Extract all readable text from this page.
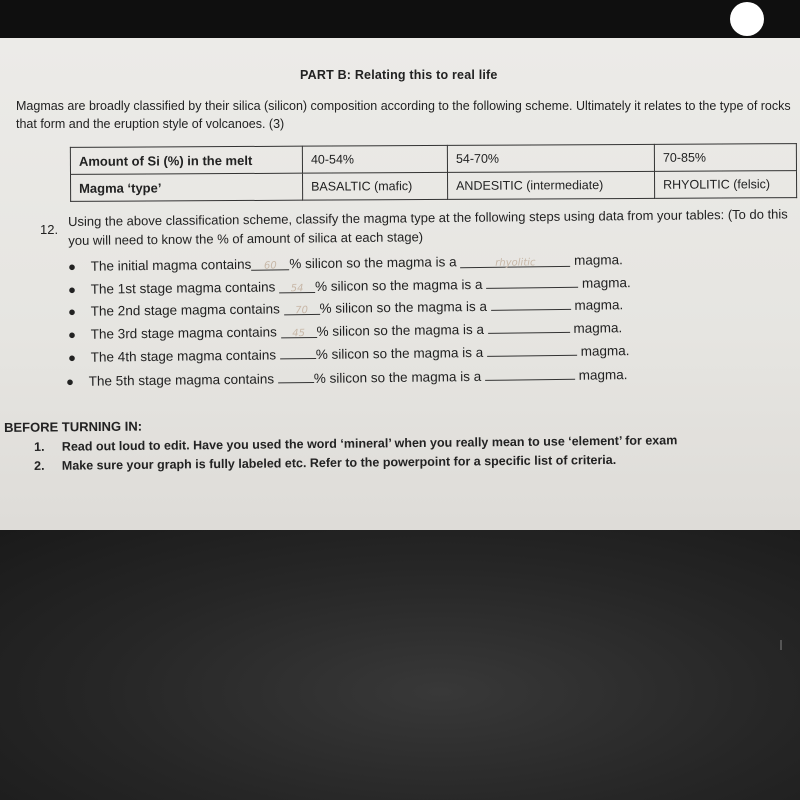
PART B: Relating this to real life
Magmas are broadly classified by their silica (silicon) composition according to the following scheme. Ultimately it relates to the type of rocks that form and the eruption style of volcanoes. (3)
Amount of Si (%) in the melt	40-54%	54-70%	70-85%
Magma ‘type’	BASALTIC (mafic)	ANDESITIC (intermediate)	RHYOLITIC (felsic)
12.
Using the above classification scheme, classify the magma type at the following steps using data from your tables: (To do this you will need to know the % of amount of silica at each stage)
● The initial magma contains 60 % silicon so the magma is a	rhyolitic	magma.
● The 1st stage magma contains 54 % silicon so the magma is a	magma.
● The 2nd stage magma contains 70 % silicon so the magma is a	magma.
● The 3rd stage magma contains 45 % silicon so the magma is a	magma.
● The 4th stage magma contains	% silicon so the magma is a	magma.
● The 5th stage magma contains	% silicon so the magma is a	magma.
BEFORE TURNING IN:
1. Read out loud to edit. Have you used the word ‘mineral’ when you really mean to use ‘element’ for exam
2. Make sure your graph is fully labeled etc. Refer to the powerpoint for a specific list of criteria.
